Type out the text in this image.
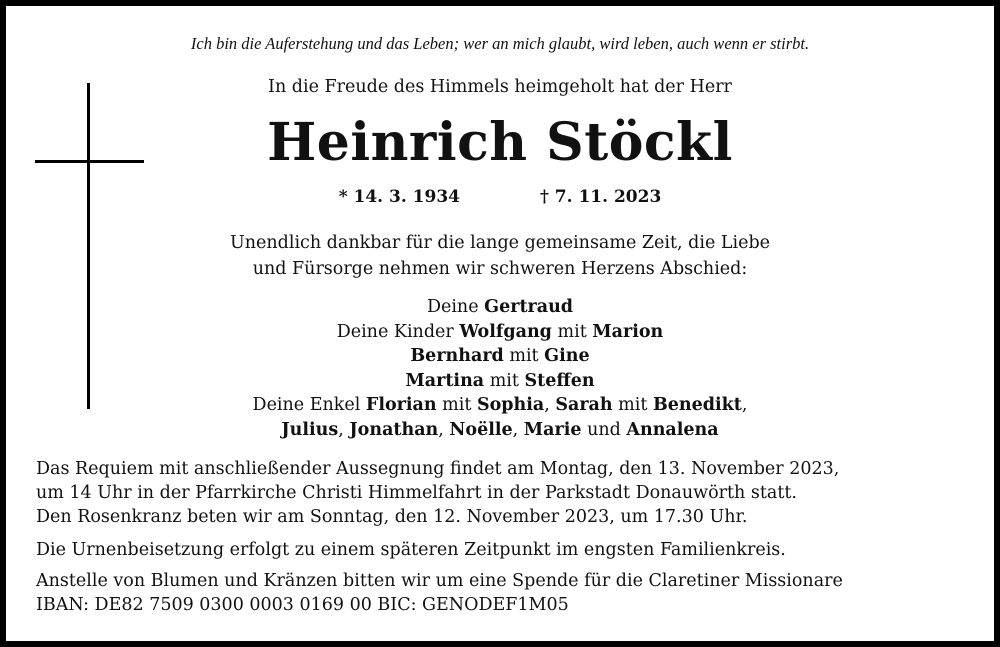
Ich bin die Auferstehung und das Leben; wer an mich glaubt, wird leben, auch wenn er stirbt.
In die Freude des Himmels heimgeholt hat der Herr
Heinrich Stöckl
* 14. 3. 1934	† 7. 11. 2023
Unendlich dankbar für die lange gemeinsame Zeit, die Liebe
und Fürsorge nehmen wir schweren Herzens Abschied:
Deine Gertraud
Deine Kinder Wolfgang mit Marion
Bernhard mit Gine
Martina mit Steffen
Deine Enkel Florian mit Sophia, Sarah mit Benedikt,
Julius, Jonathan, Noëlle, Marie und Annalena
Das Requiem mit anschließender Aussegnung findet am Montag, den 13. November 2023,
um 14 Uhr in der Pfarrkirche Christi Himmelfahrt in der Parkstadt Donauwörth statt.
Den Rosenkranz beten wir am Sonntag, den 12. November 2023, um 17.30 Uhr.
Die Urnenbeisetzung erfolgt zu einem späteren Zeitpunkt im engsten Familienkreis.
Anstelle von Blumen und Kränzen bitten wir um eine Spende für die Claretiner Missionare
IBAN: DE82 7509 0300 0003 0169 00 BIC: GENODEF1M05
